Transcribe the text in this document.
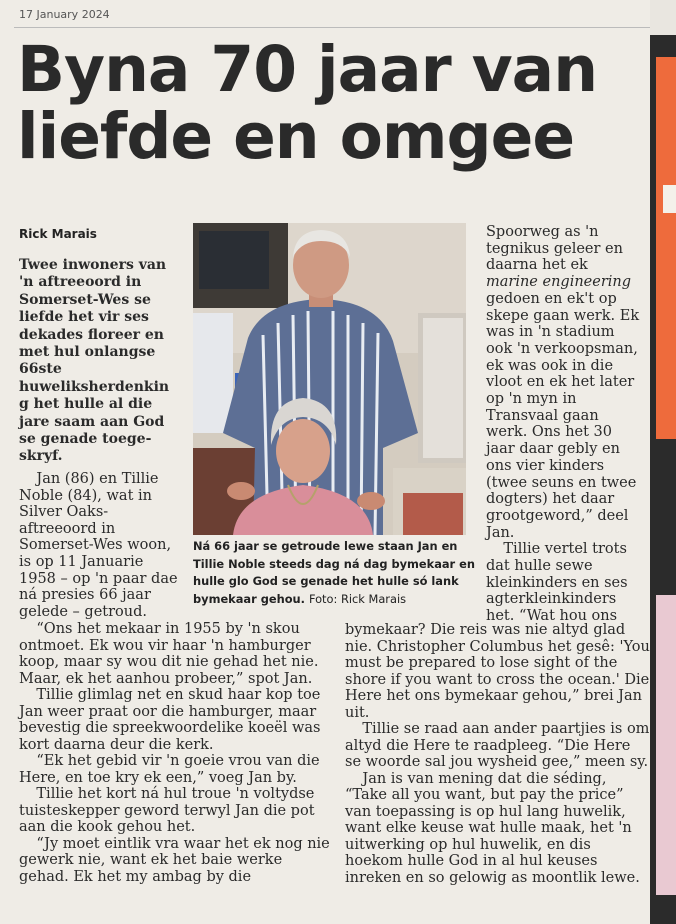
17 January 2024
Byna 70 jaar van
liefde en omgee
Rick Marais

Twee inwoners van 'n aftreeoord in Somerset-Wes se liefde het vir ses dekades floreer en met hul onlangse 66ste huweliksherdenkin g het hulle al die jare saam aan God se genade toege-skryf.

Jan (86) en Tillie Noble (84), wat in Silver Oaks-aftreeoord in Somerset-Wes woon, is op 11 Januarie 1958 – op 'n paar dae ná presies 66 jaar gelede – getroud.

Ná 66 jaar se getroude lewe staan Jan en Tillie Noble steeds dag ná dag bymekaar en hulle glo God se genade het hulle só lank bymekaar gehou. Foto: Rick Marais

Spoorweg as 'n tegnikus geleer en daarna het ek marine engineering gedoen en ek't op skepe gaan werk. Ek was in 'n stadium ook 'n verkoopsman, ek was ook in die vloot en ek het later op 'n myn in Transvaal gaan werk. Ons het 30 jaar daar gebly en ons vier kinders (twee seuns en twee dogters) het daar grootgeword,” deel Jan.

Tillie vertel trots dat hulle sewe kleinkinders en ses agterkleinkinders het. “Wat hou ons

“Ons het mekaar in 1955 by 'n skou ontmoet. Ek wou vir haar 'n hamburger koop, maar sy wou dit nie gehad het nie. Maar, ek het aanhou probeer,” spot Jan.

Tillie glimlag net en skud haar kop toe Jan weer praat oor die hamburger, maar bevestig die spreekwoordelike koeël was kort daarna deur die kerk.

“Ek het gebid vir 'n goeie vrou van die Here, en toe kry ek een,” voeg Jan by.

Tillie het kort ná hul troue 'n voltydse tuisteskepper geword terwyl Jan die pot aan die kook gehou het.

“Jy moet eintlik vra waar het ek nog nie gewerk nie, want ek het baie werke gehad. Ek het my ambag by die

bymekaar? Die reis was nie altyd glad nie. Christopher Columbus het gesê: 'You must be prepared to lose sight of the shore if you want to cross the ocean.' Die Here het ons bymekaar gehou,” brei Jan uit.

Tillie se raad aan ander paartjies is om altyd die Here te raadpleeg. “Die Here se woorde sal jou wysheid gee,” meen sy.

Jan is van mening dat die séding, “Take all you want, but pay the price” van toepassing is op hul lang huwelik, want elke keuse wat hulle maak, het 'n uitwerking op hul huwelik, en dis hoekom hulle God in al hul keuses inreken en so gelowig as moontlik lewe.
